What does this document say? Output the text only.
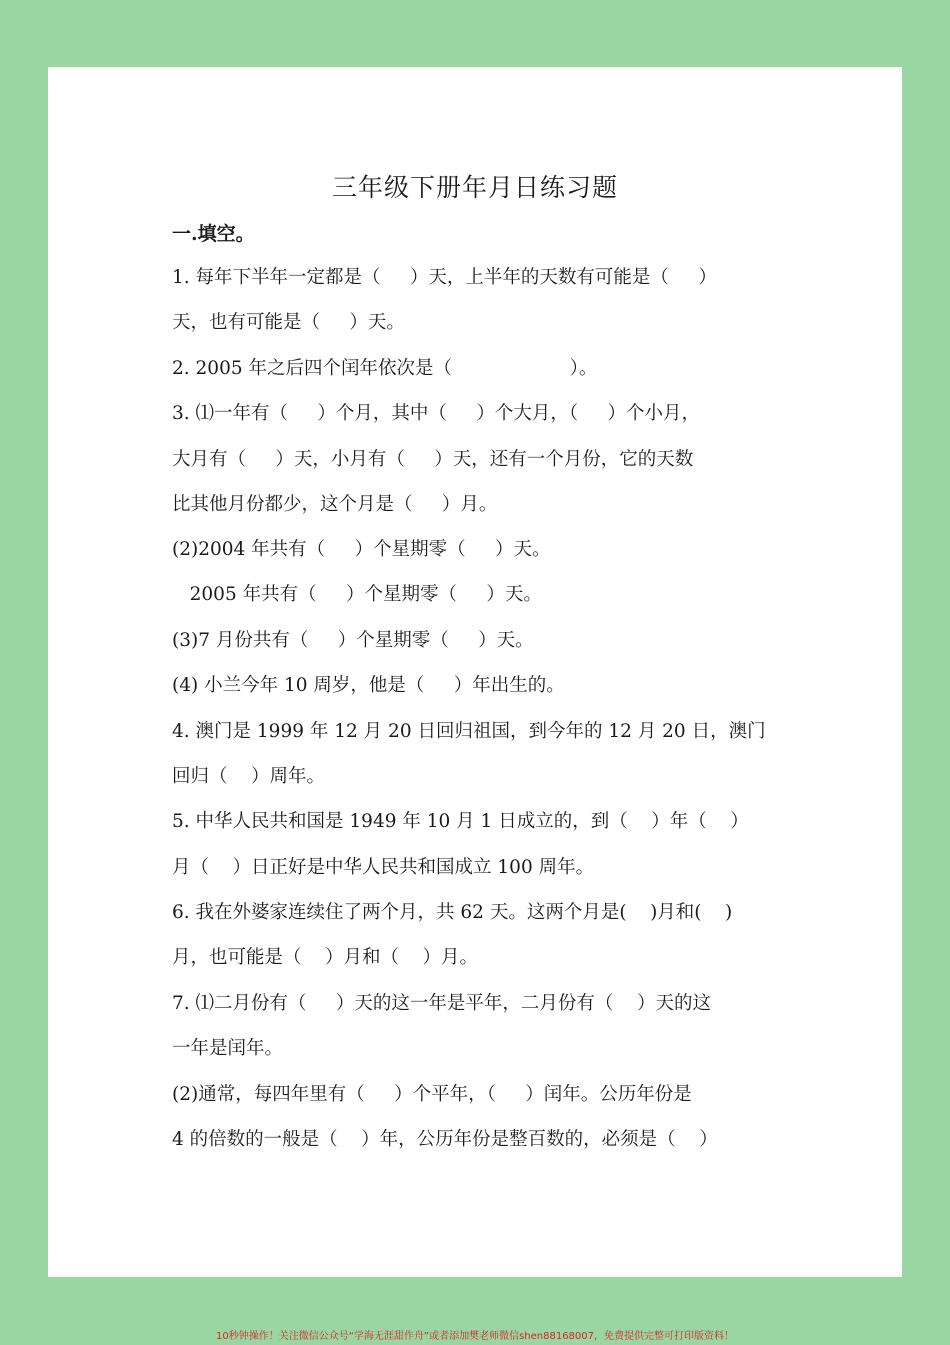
三年级下册年月日练习题
一.填空。
1. 每年下半年一定都是（     ）天，上半年的天数有可能是（     ）
天，也有可能是（     ）天。
2. 2005 年之后四个闰年依次是（                    ）。
3. ⑴一年有（     ）个月，其中（     ）个大月，（     ）个小月，
大月有（     ）天，小月有（     ）天，还有一个月份，它的天数
比其他月份都少，这个月是（     ）月。
(2)2004 年共有（     ）个星期零（     ）天。
2005 年共有（     ）个星期零（     ）天。
(3)7 月份共有（     ）个星期零（     ）天。
(4) 小兰今年 10 周岁，他是（     ）年出生的。
4. 澳门是 1999 年 12 月 20 日回归祖国，到今年的 12 月 20 日，澳门
回归（    ）周年。
5. 中华人民共和国是 1949 年 10 月 1 日成立的，到（    ）年（    ）
月（    ）日正好是中华人民共和国成立 100 周年。
6. 我在外婆家连续住了两个月，共 62 天。这两个月是(    )月和(    )
月，也可能是（    ）月和（    ）月。
7. ⑴二月份有（     ）天的这一年是平年，二月份有（    ）天的这
一年是闰年。
(2)通常，每四年里有（     ）个平年，（     ）闰年。公历年份是
4 的倍数的一般是（    ）年，公历年份是整百数的，必须是（    ）
10秒钟操作！关注微信公众号“学海无涯甜作舟”或者添加樊老师微信shen88168007，免费提供完整可打印版资料！
